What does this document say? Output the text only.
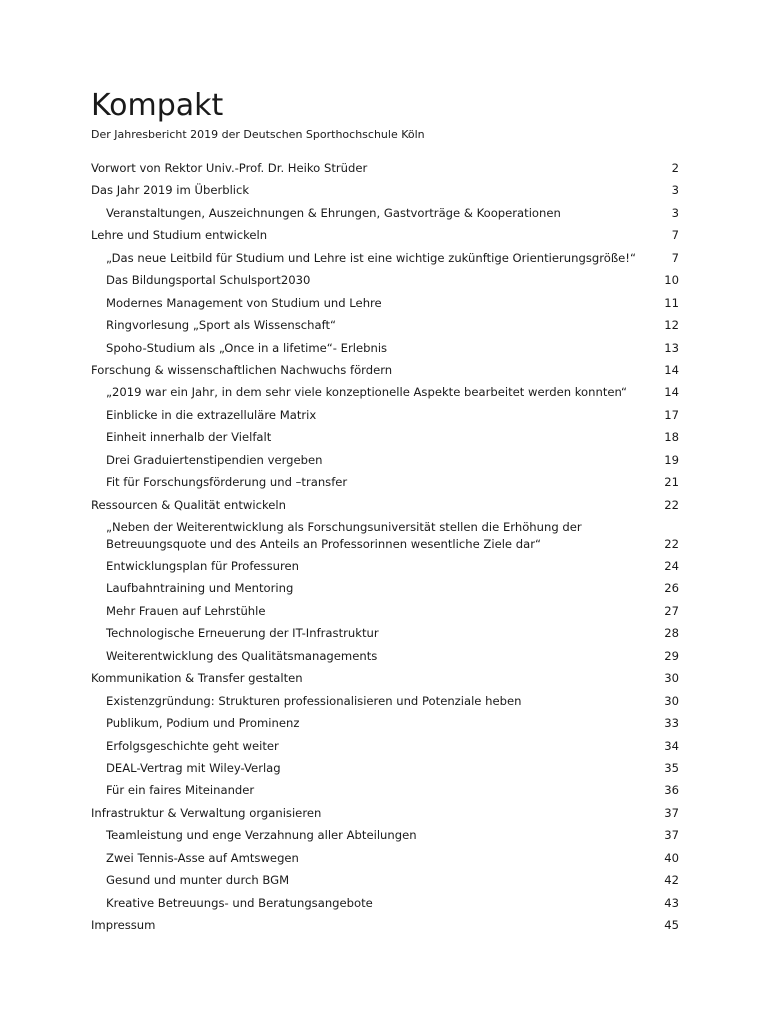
Kompakt
Der Jahresbericht 2019 der Deutschen Sporthochschule Köln
Vorwort von Rektor Univ.-Prof. Dr. Heiko Strüder	2
Das Jahr 2019 im Überblick	3
Veranstaltungen, Auszeichnungen & Ehrungen, Gastvorträge & Kooperationen	3
Lehre und Studium entwickeln	7
„Das neue Leitbild für Studium und Lehre ist eine wichtige zukünftige Orientierungsgröße!“	7
Das Bildungsportal Schulsport2030	10
Modernes Management von Studium und Lehre	11
Ringvorlesung „Sport als Wissenschaft“	12
Spoho-Studium als „Once in a lifetime“- Erlebnis	13
Forschung & wissenschaftlichen Nachwuchs fördern	14
„2019 war ein Jahr, in dem sehr viele konzeptionelle Aspekte bearbeitet werden konnten“	14
Einblicke in die extrazelluläre Matrix	17
Einheit innerhalb der Vielfalt	18
Drei Graduiertenstipendien vergeben	19
Fit für Forschungsförderung und –transfer	21
Ressourcen & Qualität entwickeln	22
„Neben der Weiterentwicklung als Forschungsuniversität stellen die Erhöhung der Betreuungsquote und des Anteils an Professorinnen wesentliche Ziele dar“	22
Entwicklungsplan für Professuren	24
Laufbahntraining und Mentoring	26
Mehr Frauen auf Lehrstühle	27
Technologische Erneuerung der IT-Infrastruktur	28
Weiterentwicklung des Qualitätsmanagements	29
Kommunikation & Transfer gestalten	30
Existenzgründung: Strukturen professionalisieren und Potenziale heben	30
Publikum, Podium und Prominenz	33
Erfolgsgeschichte geht weiter	34
DEAL-Vertrag mit Wiley-Verlag	35
Für ein faires Miteinander	36
Infrastruktur & Verwaltung organisieren	37
Teamleistung und enge Verzahnung aller Abteilungen	37
Zwei Tennis-Asse auf Amtswegen	40
Gesund und munter durch BGM	42
Kreative Betreuungs- und Beratungsangebote	43
Impressum	45
